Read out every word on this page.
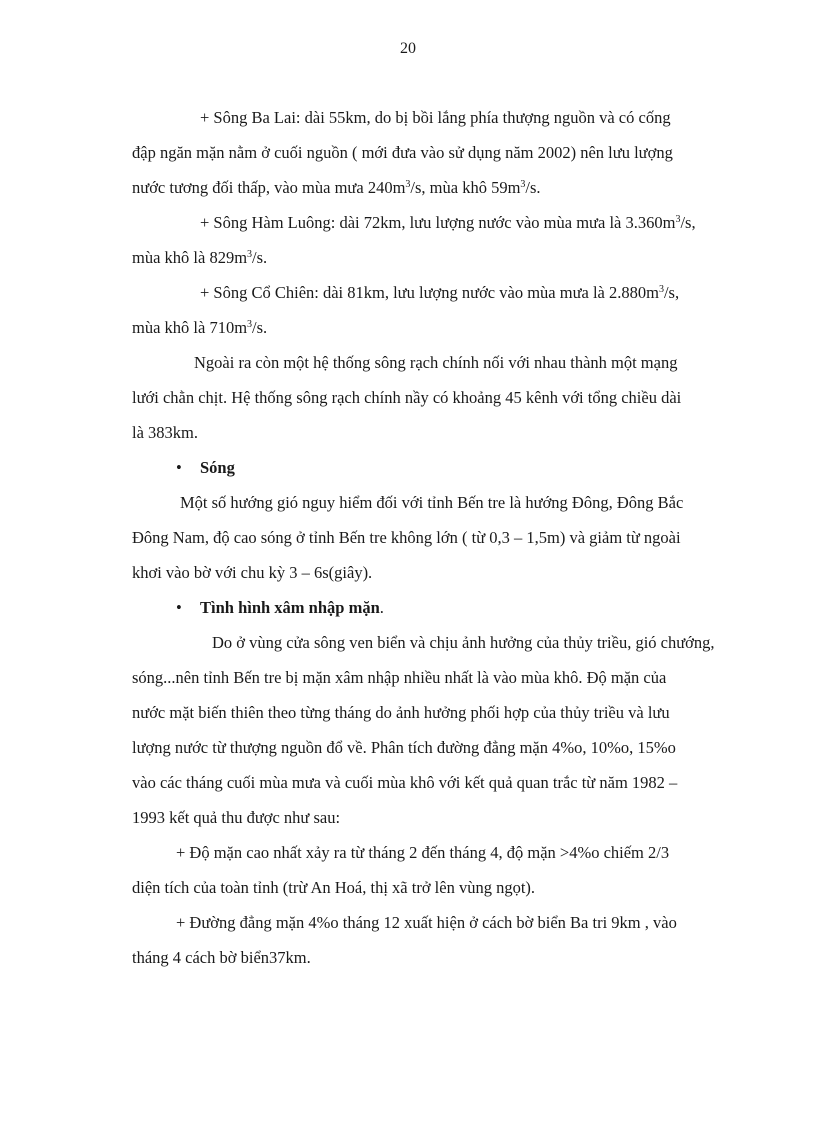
20
+ Sông Ba Lai: dài 55km, do bị bồi lắng phía thượng nguồn và có cống
đập ngăn mặn nằm ở cuối nguồn ( mới đưa vào sử dụng năm 2002) nên lưu lượng
nước tương đối thấp, vào mùa mưa $240m^3/s$, mùa khô $59m^3/s$.
+ Sông Hàm Luông: dài 72km, lưu lượng nước vào mùa mưa là $3.360m^3/s$,
mùa khô là $829m^3/s$.
+ Sông Cổ Chiên: dài 81km, lưu lượng nước vào mùa mưa là $2.880m^3/s$,
mùa khô là $710m^3/s$.
Ngoài ra còn một hệ thống sông rạch chính nối với nhau thành một mạng
lưới chằn chịt. Hệ thống sông rạch chính nầy có khoảng 45 kênh với tổng chiều dài
là 383km.
• Sóng
Một số hướng gió nguy hiểm đối với tỉnh Bến tre là hướng Đông, Đông Bắc
Đông Nam, độ cao sóng ở tỉnh Bến tre không lớn ( từ 0,3 – 1,5m) và giảm từ ngoài
khơi vào bờ với chu kỳ 3 – 6s(giây).
• Tình hình xâm nhập mặn.
Do ở vùng cửa sông ven biển và chịu ảnh hưởng của thủy triều, gió chướng,
sóng...nên tỉnh Bến tre bị mặn xâm nhập nhiều nhất là vào mùa khô. Độ mặn của
nước mặt biến thiên theo từng tháng do ảnh hưởng phối hợp của thủy triều và lưu
lượng nước từ thượng nguồn đổ về. Phân tích đường đẳng mặn 4%o, 10%o, 15%o
vào các tháng cuối mùa mưa và cuối mùa khô với kết quả quan trắc từ năm 1982 –
1993 kết quả thu được như sau:
+ Độ mặn cao nhất xảy ra từ tháng 2 đến tháng 4, độ mặn >4%o chiếm 2/3
diện tích của toàn tỉnh (trừ An Hoá, thị xã trở lên vùng ngọt).
+ Đường đẳng mặn 4%o tháng 12 xuất hiện ở cách bờ biển Ba tri 9km , vào
tháng 4 cách bờ biển37km.
